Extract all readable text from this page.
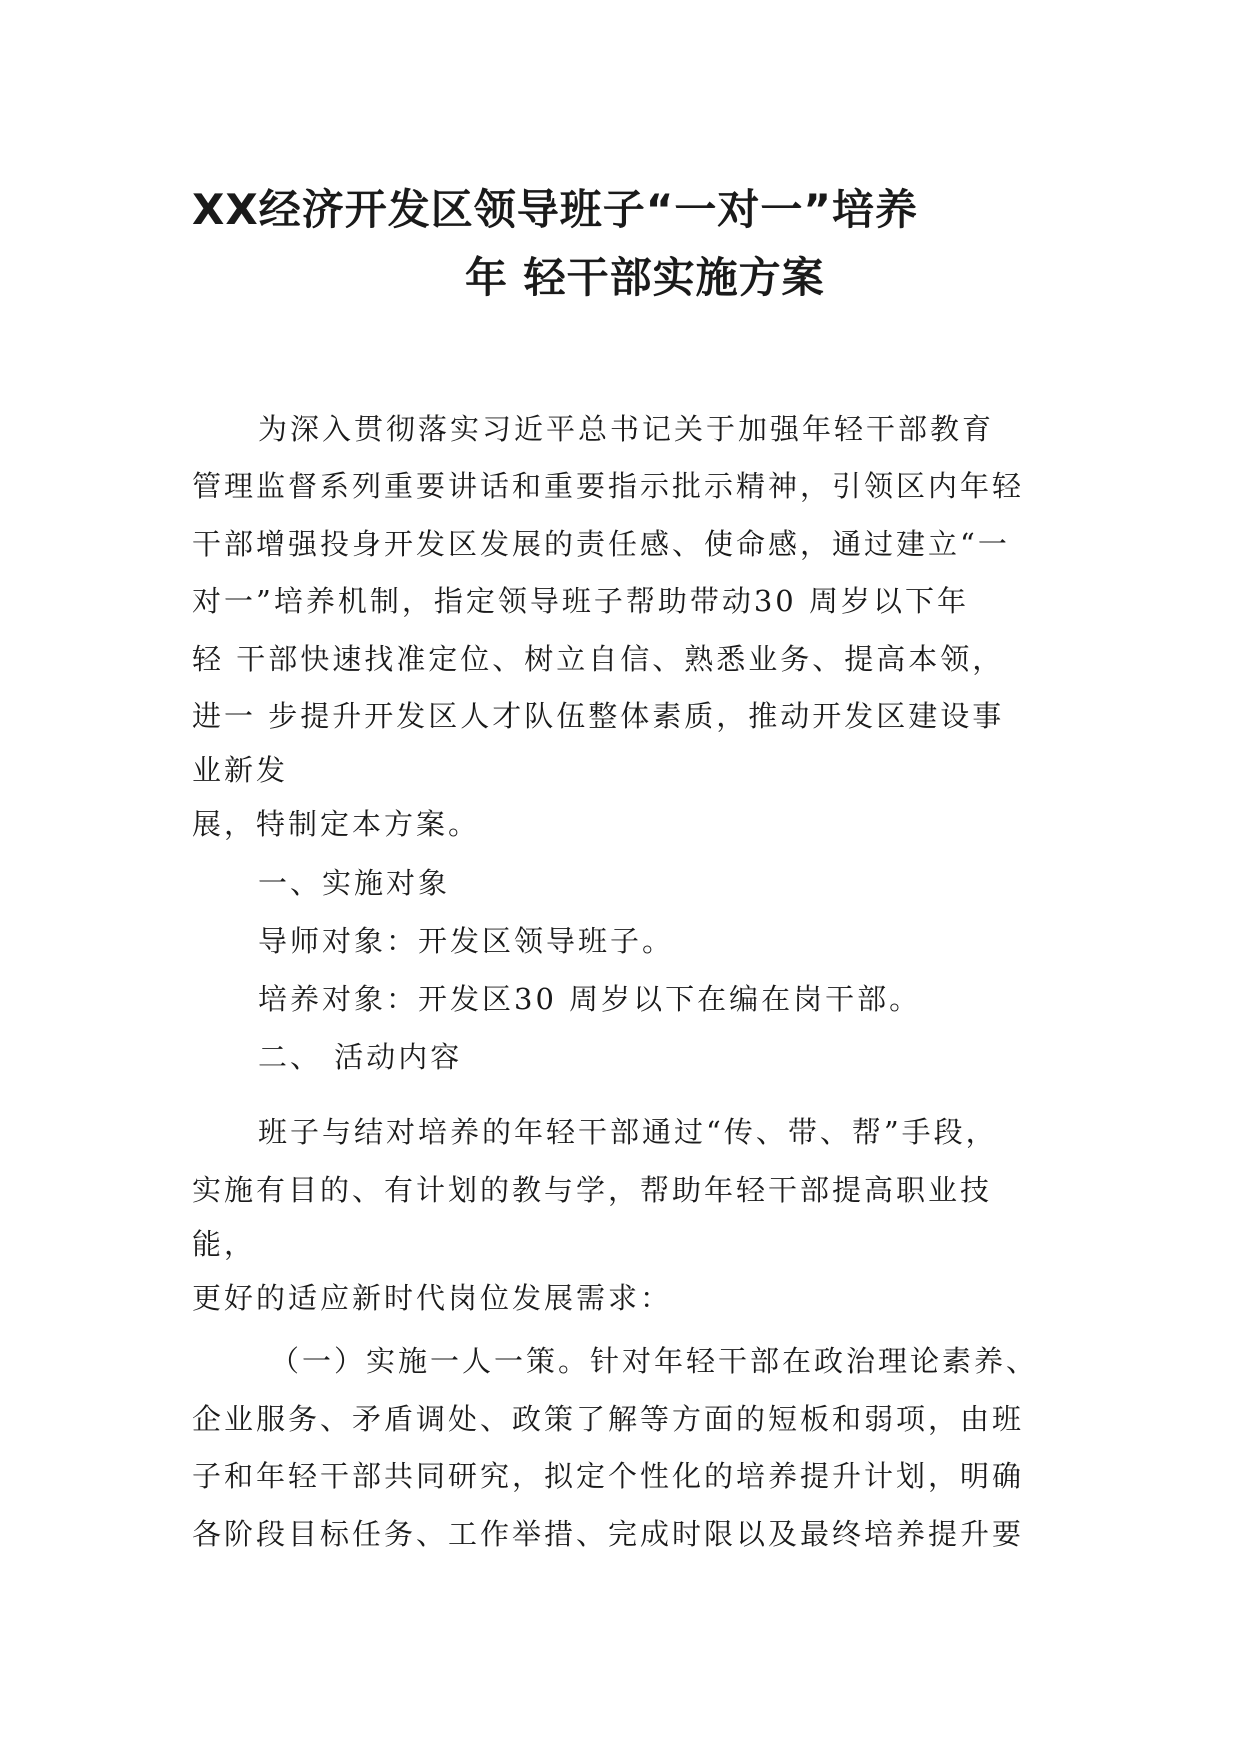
XX经济开发区领导班子“一对一”培养
年 轻干部实施方案

为深入贯彻落实习近平总书记关于加强年轻干部教育

管理监督系列重要讲话和重要指示批示精神，引领区内年轻

干部增强投身开发区发展的责任感、使命感，通过建立“一

对一”培养机制，指定领导班子帮助带动30 周岁以下年

轻 干部快速找准定位、树立自信、熟悉业务、提高本领，

进一 步提升开发区人才队伍整体素质，推动开发区建设事

业新发

展，特制定本方案。

一、实施对象

导师对象：开发区领导班子。

培养对象：开发区30 周岁以下在编在岗干部。

二、 活动内容

班子与结对培养的年轻干部通过“传、带、帮”手段，

实施有目的、有计划的教与学，帮助年轻干部提高职业技

能，

更好的适应新时代岗位发展需求：

（一）实施一人一策。针对年轻干部在政治理论素养、

企业服务、矛盾调处、政策了解等方面的短板和弱项，由班

子和年轻干部共同研究，拟定个性化的培养提升计划，明确

各阶段目标任务、工作举措、完成时限以及最终培养提升要
